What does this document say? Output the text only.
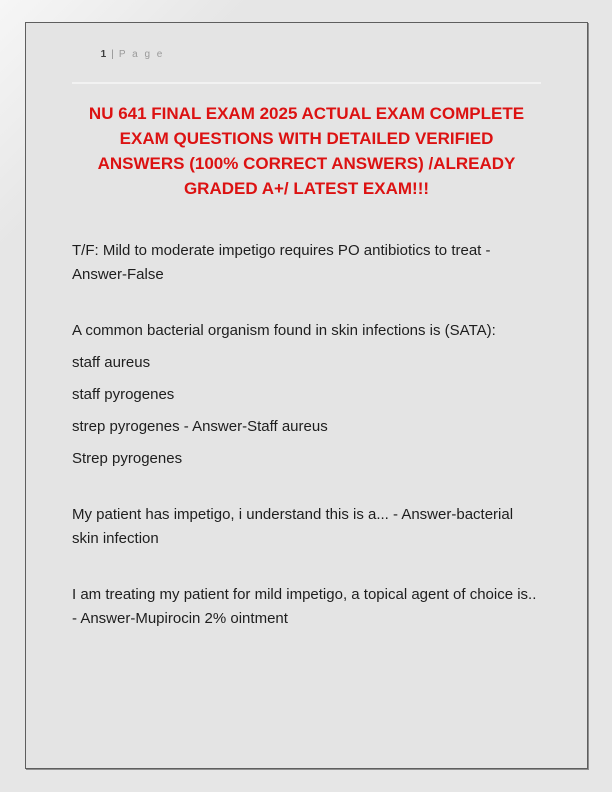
1 | P a g e

NU 641 FINAL EXAM 2025 ACTUAL EXAM COMPLETE
EXAM QUESTIONS WITH DETAILED VERIFIED
ANSWERS (100% CORRECT ANSWERS) /ALREADY
GRADED A+/ LATEST EXAM!!!

T/F: Mild to moderate impetigo requires PO antibiotics to treat - Answer-False

A common bacterial organism found in skin infections is (SATA):

staff aureus

staff pyrogenes

strep pyrogenes - Answer-Staff aureus

Strep pyrogenes

My patient has impetigo, i understand this is a... - Answer-bacterial skin infection

I am treating my patient for mild impetigo, a topical agent of choice is.. - Answer-Mupirocin 2% ointment
